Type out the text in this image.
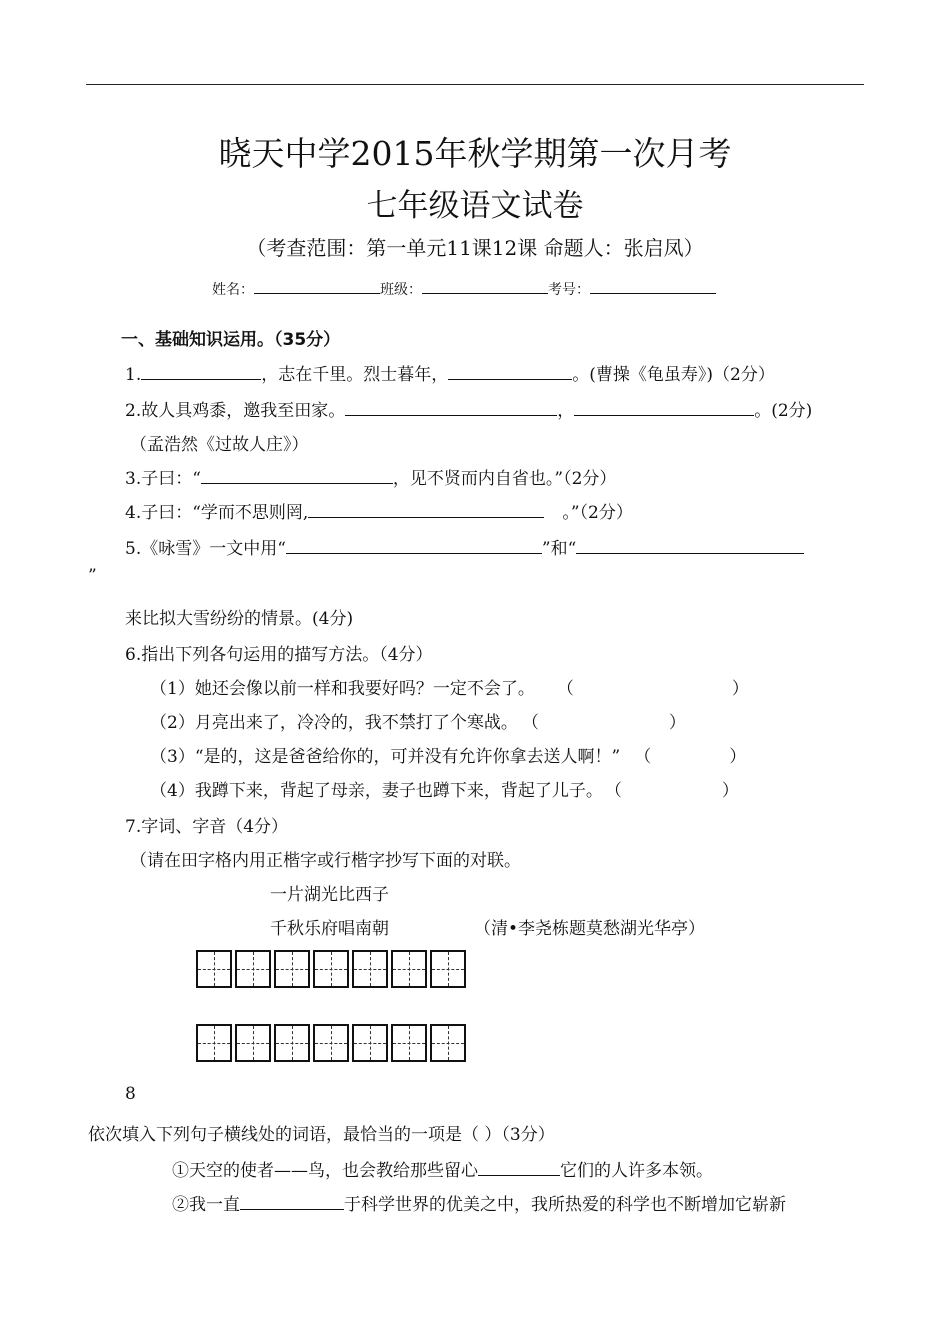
晓天中学2015年秋学期第一次月考
七年级语文试卷
（考查范围：第一单元11课12课 命题人：张启凤）
姓名：	班级：	考号：
一、基础知识运用。（35分）
1.	，志在千里。烈士暮年，	。(曹操《龟虽寿》)（2分）
2.故人具鸡黍，邀我至田家。	，	。(2分)
（孟浩然《过故人庄》）
3.子曰：“	，见不贤而内自省也。”（2分）
4.子曰：“学而不思则罔,	。”（2分）
5.《咏雪》一文中用“	”和“
”
来比拟大雪纷纷的情景。(4分)
6.指出下列各句运用的描写方法。（4分）
（1）她还会像以前一样和我要好吗？一定不会了。 （	）
（2）月亮出来了，冷冷的，我不禁打了个寒战。 （	）
（3）“是的，这是爸爸给你的，可并没有允许你拿去送人啊！” （	）
（4）我蹲下来，背起了母亲，妻子也蹲下来，背起了儿子。 （	）
7.字词、字音（4分）
（请在田字格内用正楷字或行楷字抄写下面的对联。
一片湖光比西子
千秋乐府唱南朝	（清•李尧栋题莫愁湖光华亭）
8
依次填入下列句子横线处的词语，最恰当的一项是（ ）（3分）
①天空的使者——鸟，也会教给那些留心	它们的人许多本领。
②我一直	于科学世界的优美之中，我所热爱的科学也不断增加它崭新
